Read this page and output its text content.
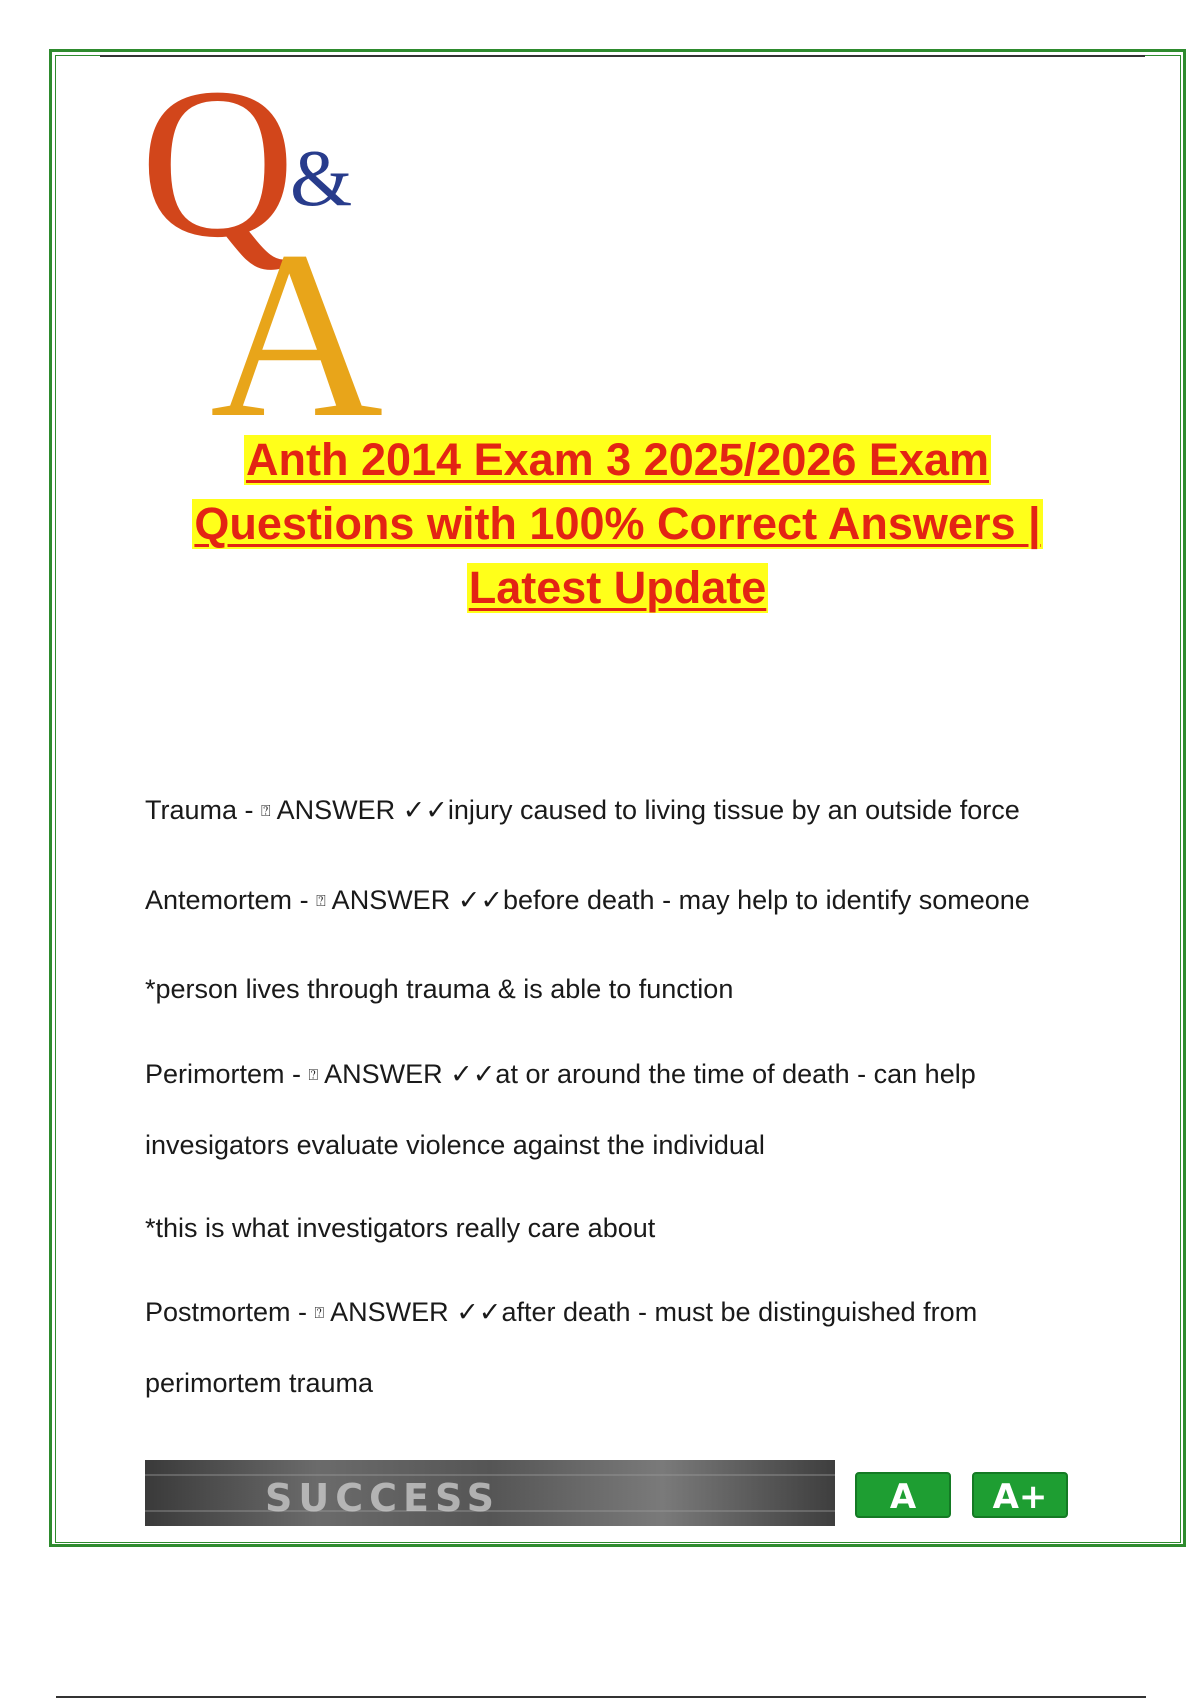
Q
&
A
Anth 2014 Exam 3 2025/2026 Exam
Questions with 100% Correct Answers |
Latest Update
Trauma - ⍰ ANSWER ✓✓injury caused to living tissue by an outside force
Antemortem - ⍰ ANSWER ✓✓before death - may help to identify someone
*person lives through trauma & is able to function
Perimortem - ⍰ ANSWER ✓✓at or around the time of death - can help
invesigators evaluate violence against the individual
*this is what investigators really care about
Postmortem - ⍰ ANSWER ✓✓after death - must be distinguished from
perimortem trauma
SUCCESS	A	A+
